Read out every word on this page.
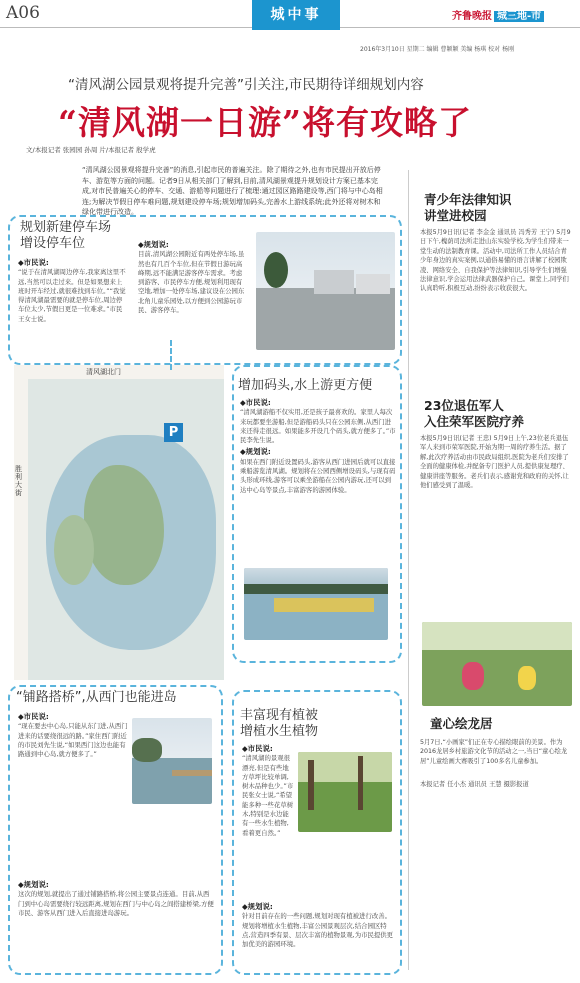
A06	齐鲁晚报 城三地-市
城中事
2016年3月10日 星期二 编辑 曹颖颖 美编 杨琪 校对 杨刚
“清风湖公园景观将提升完善”引关注,市民期待详细规划内容
“清风湖一日游”将有攻略了
文/本报记者 张园园 孙周 片/本报记者 殷学虎
“清风湖公园景观将提升完善”的消息,引起市民的普遍关注。除了期待之外,也有市民提出开放后停车、游览等方面的问题。记者9日从相关部门了解到,目前,清风湖景观提升规划设计方案已基本完成,对市民普遍关心的停车、交通、游船等问题进行了梳理:通过园区路路建设等,西门将与中心岛相连;为解决节假日停车难问题,规划建设停车场;规划增加码头,完善水上游线系统;此外还将对树木和绿化带进行改造。
规划新建停车场
增设停车位
◆市民说:
“说于在清风湖周边停车,我家离这里不远,当然可以走过来。但是如果想来上班时开车经过,就很难找到车位。”“我觉得清风湖最需要的就是停车位,周边停车位太少,节假日更是一位难求。”市民王女士说。
◆规划说:
目前,清风湖公园附近有两处停车场,虽然也有几百个车位,但在节假日游玩高峰期,远不能满足游客停车需求。考虑到游客、市民停车方便,规划利用现有空地,增加一处停车场,建议设在公园东北角儿童乐园处,以方便到公园游玩市民、游客停车。
清风湖北门
胜利大街
P
增加码头,水上游更方便
◆市民说:
“清风湖游船不仅实用,还是孩子最喜欢的。家里人每次来玩都要坐游船,但是游船码头只在公园东侧,从西门进来还得走很远。如果能多开设几个码头,就方便多了。”市民李先生说。
◆规划说:
如果在西门附近设置码头,游客从西门进园后就可以直接乘船游览清风湖。规划将在公园西侧增设码头,与现有码头形成环线,游客可以乘坐游船在公园内游玩,还可以到达中心岛等景点,丰富游客的游园体验。
“铺路搭桥”,从西门也能进岛
◆市民说:
“现在要去中心岛,只能从东门进,从西门进来的话要绕很远的路。”家住西门附近的市民刘先生说,“如果西门这边也能有路通到中心岛,就方便多了。”
◆规划说:
这次的规划,就提出了通过铺路搭桥,将公园主要景点连通。目前,从西门到中心岛需要绕行较远距离,规划在西门与中心岛之间搭建桥梁,方便市民、游客从西门进入后直接进岛游玩。
丰富现有植被
增植水生植物
◆市民说:
“清风湖的景观很漂亮,但是有些地方草坪比较单调,树木品种也少。”市民张女士说,“希望能多种一些花草树木,特别是水边能有一些水生植物,看着更自然。”
◆规划说:
针对目前存在的一些问题,规划对现有植被进行改善。规划将增植水生植物,丰富公园景观层次,结合园区特点,营造四季有景、层次丰富的植物景观,为市民提供更加优美的游园环境。
青少年法律知识
讲堂进校园
本报5月9日讯(记者 李金金 通讯员 冯秀芳 王宁) 5月9日下午,槐荫司法所走进山东实验学校,为学生们带来一堂生动的法制教育课。活动中,司法所工作人员结合青少年身边的真实案例,以通俗易懂的语言讲解了校园欺凌、网络安全、自我保护等法律知识,引导学生们增强法律意识,学会运用法律武器保护自己。课堂上,同学们认真聆听,积极互动,纷纷表示收获很大。
23位退伍军人
入住荣军医院疗养
本报5月9日讯(记者 王忠) 5月9日上午,23位老兵退伍军人来到市荣军医院,开始为期一周的疗养生活。据了解,此次疗养活动由市民政局组织,医院为老兵们安排了全面的健康体检,并配备专门医护人员,提供康复理疗、健康讲座等服务。老兵们表示,感谢党和政府的关怀,让他们感受到了温暖。
童心绘龙居
5月7日,“小画家”们正在专心描绘眼前的美景。作为2016龙居乡村旅游文化节的活动之一,当日“童心绘龙居”儿童绘画大赛吸引了100多名儿童参加。
本报记者 任小杰 通讯员 王慧 摄影报道
